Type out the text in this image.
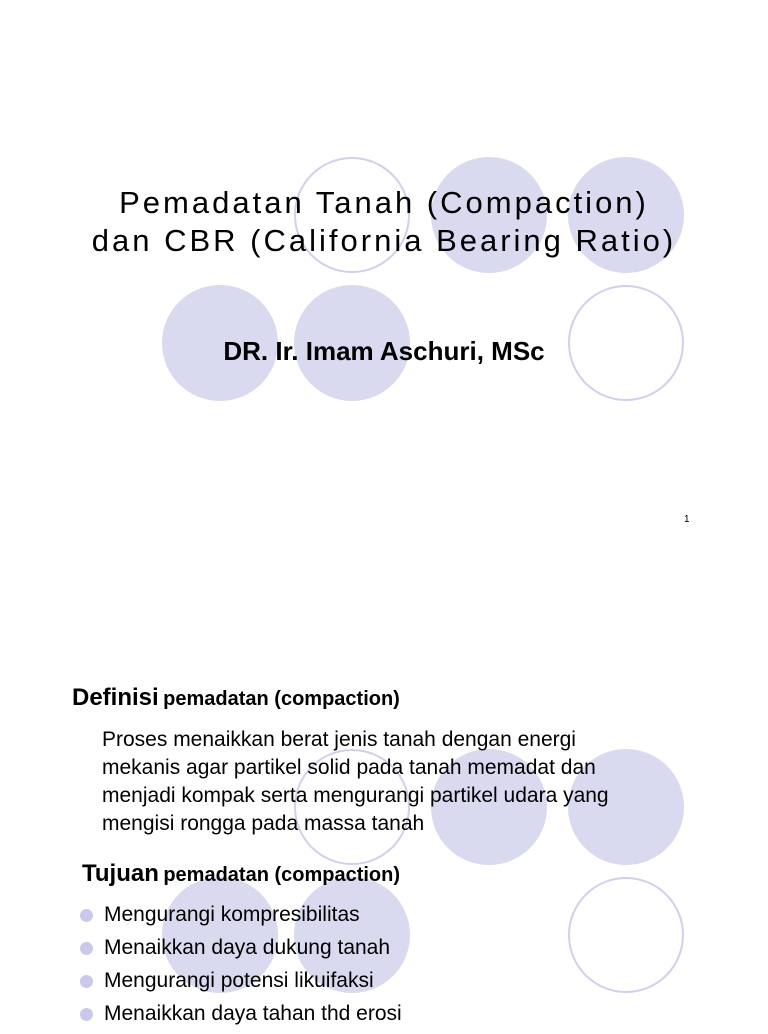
Pemadatan Tanah (Compaction)
dan CBR (California Bearing Ratio)
DR. Ir. Imam Aschuri, MSc
1
Definisi pemadatan (compaction)
Proses menaikkan berat jenis tanah dengan energi
mekanis agar partikel solid pada tanah memadat dan
menjadi kompak serta mengurangi partikel udara yang
mengisi rongga pada massa tanah
Tujuan pemadatan (compaction)
Mengurangi kompresibilitas
Menaikkan daya dukung tanah
Mengurangi potensi likuifaksi
Menaikkan daya tahan thd erosi
